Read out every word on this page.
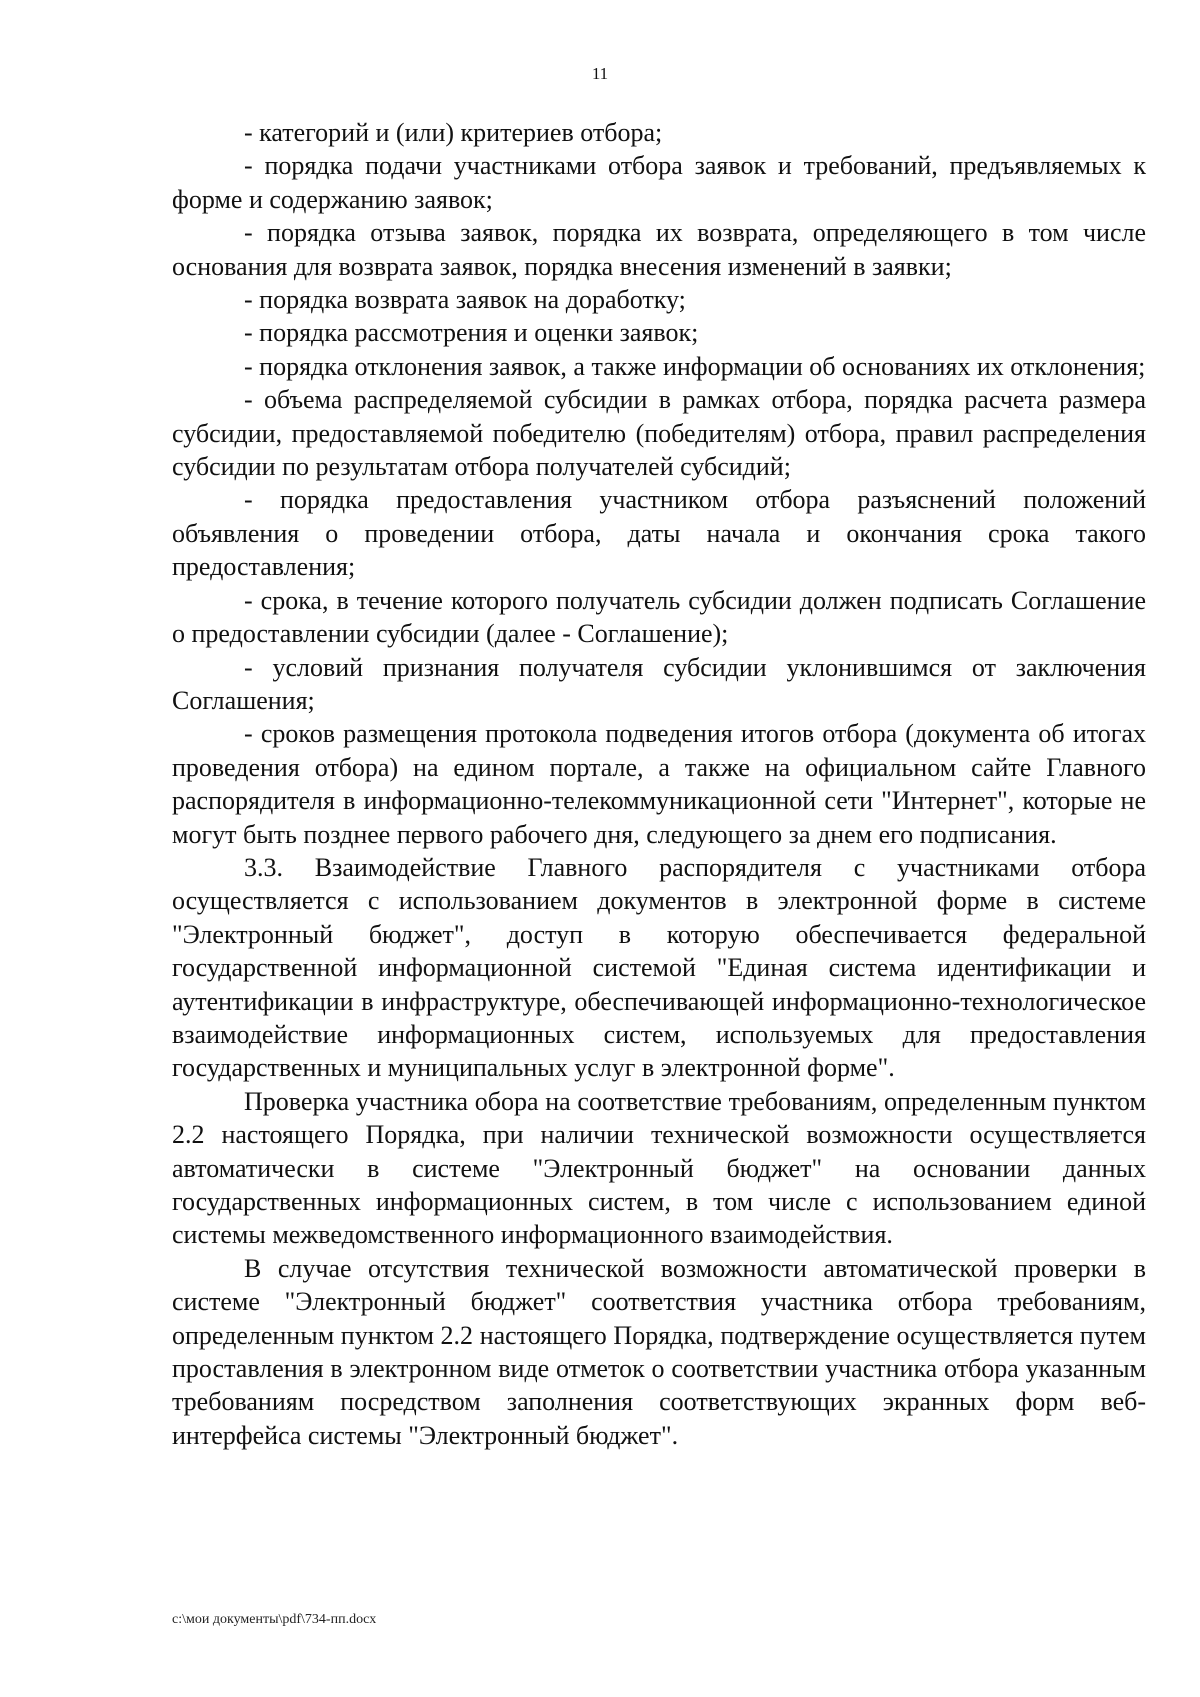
11

- категорий и (или) критериев отбора;

- порядка подачи участниками отбора заявок и требований, предъявляемых к форме и содержанию заявок;

- порядка отзыва заявок, порядка их возврата, определяющего в том числе основания для возврата заявок, порядка внесения изменений в заявки;

- порядка возврата заявок на доработку;

- порядка рассмотрения и оценки заявок;

- порядка отклонения заявок, а также информации об основаниях их отклонения;

- объема распределяемой субсидии в рамках отбора, порядка расчета размера субсидии, предоставляемой победителю (победителям) отбора, правил распределения субсидии по результатам отбора получателей субсидий;

- порядка предоставления участником отбора разъяснений положений объявления о проведении отбора, даты начала и окончания срока такого предоставления;

- срока, в течение которого получатель субсидии должен подписать Соглашение о предоставлении субсидии (далее - Соглашение);

- условий признания получателя субсидии уклонившимся от заключения Соглашения;

- сроков размещения протокола подведения итогов отбора (документа об итогах проведения отбора) на едином портале, а также на официальном сайте Главного распорядителя в информационно-телекоммуникационной сети "Интернет", которые не могут быть позднее первого рабочего дня, следующего за днем его подписания.

3.3. Взаимодействие Главного распорядителя с участниками отбора осуществляется с использованием документов в электронной форме в системе "Электронный бюджет", доступ в которую обеспечивается федеральной государственной информационной системой "Единая система идентификации и аутентификации в инфраструктуре, обеспечивающей информационно-технологическое взаимодействие информационных систем, используемых для предоставления государственных и муниципальных услуг в электронной форме".

Проверка участника обора на соответствие требованиям, определенным пунктом 2.2 настоящего Порядка, при наличии технической возможности осуществляется автоматически в системе "Электронный бюджет" на основании данных государственных информационных систем, в том числе с использованием единой системы межведомственного информационного взаимодействия.

В случае отсутствия технической возможности автоматической проверки в системе "Электронный бюджет" соответствия участника отбора требованиям, определенным пунктом 2.2 настоящего Порядка, подтверждение осуществляется путем проставления в электронном виде отметок о соответствии участника отбора указанным требованиям посредством заполнения соответствующих экранных форм веб-интерфейса системы "Электронный бюджет".

c:\мои документы\pdf\734-пп.docx
